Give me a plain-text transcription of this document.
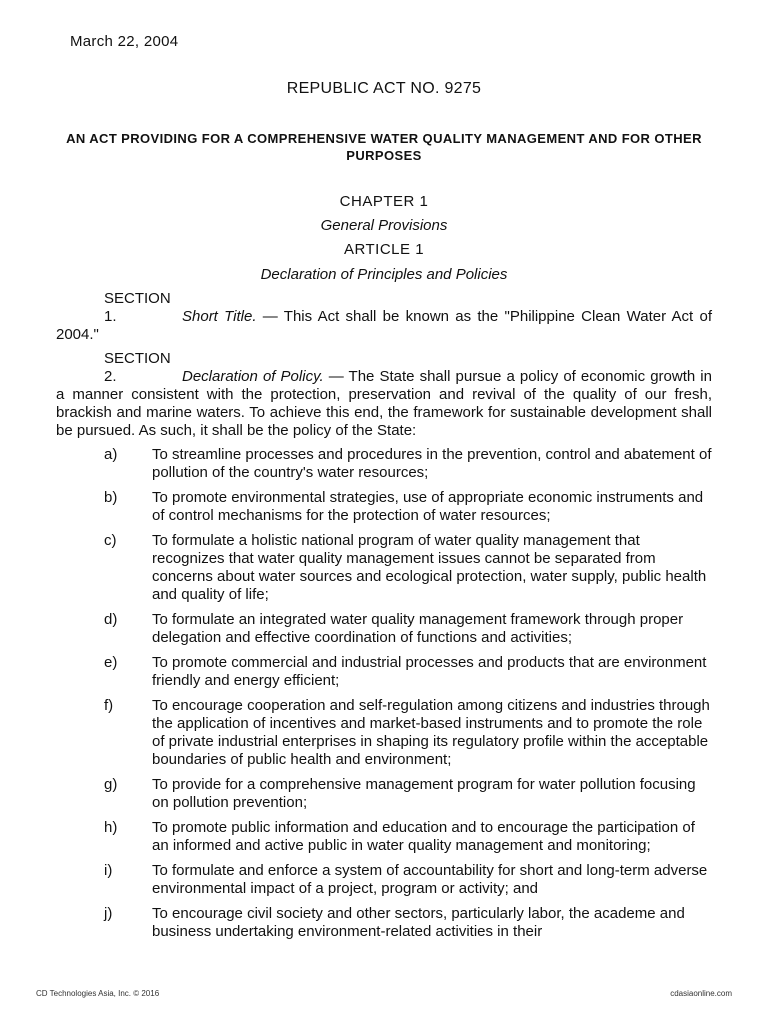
March 22, 2004
REPUBLIC ACT NO. 9275
AN ACT PROVIDING FOR A COMPREHENSIVE WATER QUALITY MANAGEMENT AND FOR OTHER PURPOSES
CHAPTER 1
General Provisions
ARTICLE 1
Declaration of Principles and Policies
SECTION 1.	Short Title. — This Act shall be known as the "Philippine Clean Water Act of 2004."
SECTION 2.	Declaration of Policy. — The State shall pursue a policy of economic growth in a manner consistent with the protection, preservation and revival of the quality of our fresh, brackish and marine waters. To achieve this end, the framework for sustainable development shall be pursued. As such, it shall be the policy of the State:
a) To streamline processes and procedures in the prevention, control and abatement of pollution of the country's water resources;
b) To promote environmental strategies, use of appropriate economic instruments and of control mechanisms for the protection of water resources;
c) To formulate a holistic national program of water quality management that recognizes that water quality management issues cannot be separated from concerns about water sources and ecological protection, water supply, public health and quality of life;
d) To formulate an integrated water quality management framework through proper delegation and effective coordination of functions and activities;
e) To promote commercial and industrial processes and products that are environment friendly and energy efficient;
f)	To encourage cooperation and self-regulation among citizens and industries through the application of incentives and market-based instruments and to promote the role of private industrial enterprises in shaping its regulatory profile within the acceptable boundaries of public health and environment;
g) To provide for a comprehensive management program for water pollution focusing on pollution prevention;
h) To promote public information and education and to encourage the participation of an informed and active public in water quality management and monitoring;
i)	To formulate and enforce a system of accountability for short and long-term adverse environmental impact of a project, program or activity; and
j)	To encourage civil society and other sectors, particularly labor, the academe and business undertaking environment-related activities in their
CD Technologies Asia, Inc. © 2016	cdasiaonline.com
